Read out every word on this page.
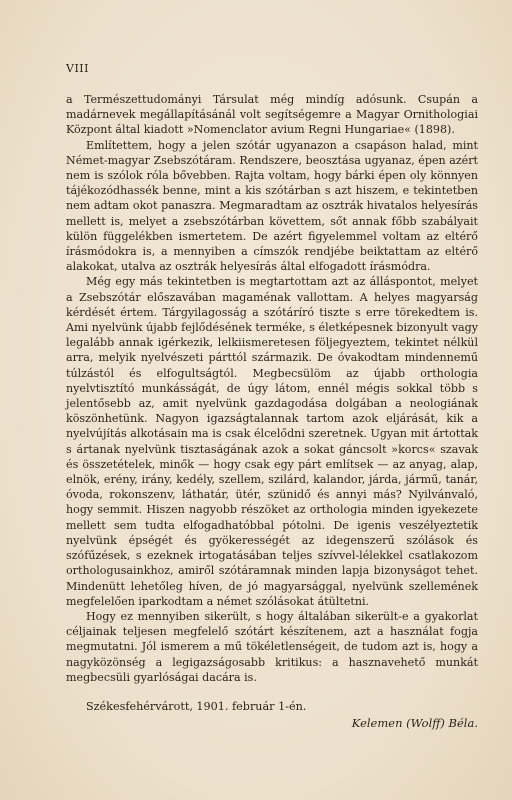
VIII

a Természettudományi Társulat még mindíg adósunk. Csupán a madárnevek megállapításánál volt segítségemre a Magyar Ornithologiai Központ által kiadott »Nomenclator avium Regni Hungariae« (1898).

Említettem, hogy a jelen szótár ugyanazon a csapáson halad, mint Német-magyar Zsebszótáram. Rendszere, beosztása ugyanaz, épen azért nem is szólok róla bővebben. Rajta voltam, hogy bárki épen oly könnyen tájékozódhassék benne, mint a kis szótárban s azt hiszem, e tekintetben nem adtam okot panaszra. Megmaradtam az osztrák hivatalos helyesírás mellett is, melyet a zsebszótárban követtem, sőt annak főbb szabályait külön függelékben ismertetem. De azért figyelemmel voltam az eltérő írásmódokra is, a mennyiben a címszók rendjébe beiktattam az eltérő alakokat, utalva az osztrák helyesírás által elfogadott írásmódra.

Még egy más tekintetben is megtartottam azt az álláspontot, melyet a Zsebszótár előszavában magaménak vallottam. A helyes magyarság kérdését értem. Tárgyilagosság a szótáríró tiszte s erre törekedtem is. Ami nyelvünk újabb fejlődésének terméke, s életképesnek bizonyult vagy legalább annak igérkezik, lelkiismeretesen följegyeztem, tekintet nélkül arra, melyik nyelvészeti párttól származik. De óvakodtam mindennemű túlzástól és elfogultságtól. Megbecsülöm az újabb orthologia nyelvtisztító munkásságát, de úgy látom, ennél mégis sokkal több s jelentősebb az, amit nyelvünk gazdagodása dolgában a neologiának köszönhetünk. Nagyon igazságtalannak tartom azok eljárását, kik a nyelvújítás alkotásain ma is csak élcelődni szeretnek. Ugyan mit ártottak s ártanak nyelvünk tisztaságának azok a sokat gáncsolt »korcs« szavak és összetételek, minők — hogy csak egy párt említsek — az anyag, alap, elnök, erény, irány, kedély, szellem, szilárd, kalandor, járda, jármű, tanár, óvoda, rokonszenv, láthatár, ütér, szünidő és annyi más? Nyilvánvaló, hogy semmit. Hiszen nagyobb részöket az orthologia minden igyekezete mellett sem tudta elfogadhatóbbal pótolni. De igenis veszélyeztetik nyelvünk épségét és gyökerességét az idegenszerű szólások és szófűzések, s ezeknek irtogatásában teljes szívvel-lélekkel csatlakozom orthologusainkhoz, amiről szótáramnak minden lapja bizonyságot tehet. Mindenütt lehetőleg híven, de jó magyarsággal, nyelvünk szellemének megfelelően iparkodtam a német szólásokat átültetni.

Hogy ez mennyiben sikerült, s hogy általában sikerült-e a gyakorlat céljainak teljesen megfelelő szótárt készítenem, azt a használat fogja megmutatni. Jól ismerem a mű tökéletlenségeit, de tudom azt is, hogy a nagyközönség a legigazságosabb kritikus: a hasznavehető munkát megbecsüli gyarlóságai dacára is.

Székesfehérvárott, 1901. február 1-én.
Kelemen (Wolff) Béla.
